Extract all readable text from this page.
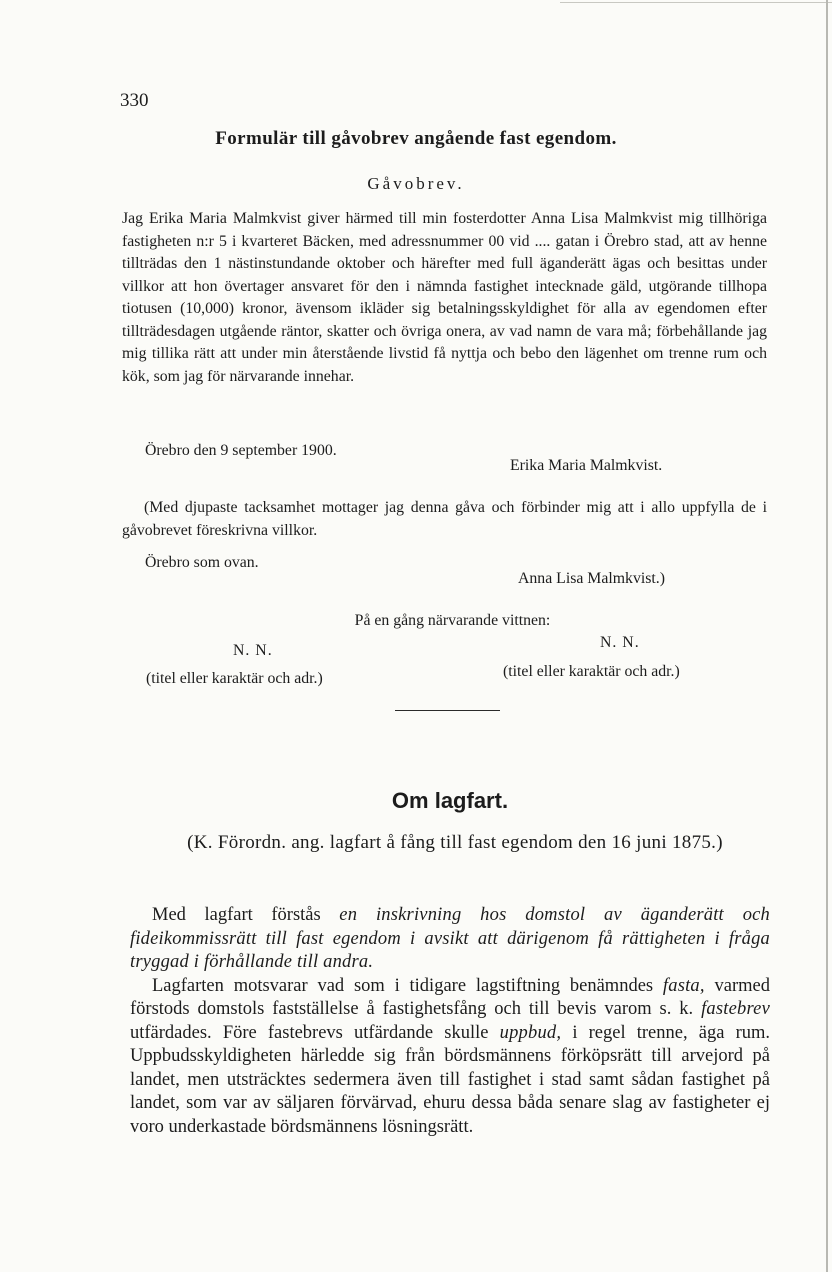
330
Formulär till gåvobrev angående fast egendom.
Gåvobrev.
Jag Erika Maria Malmkvist giver härmed till min fosterdotter Anna Lisa Malmkvist mig tillhöriga fastigheten n:r 5 i kvarteret Bäcken, med adressnummer 00 vid .... gatan i Örebro stad, att av henne tillträdas den 1 nästinstundande oktober och härefter med full äganderätt ägas och besittas under villkor att hon övertager ansvaret för den i nämnda fastighet intecknade gäld, utgörande tillhopa tiotusen (10,000) kronor, ävensom ikläder sig betalningsskyldighet för alla av egendomen efter tillträdesdagen utgående räntor, skatter och övriga onera, av vad namn de vara må; förbehållande jag mig tillika rätt att under min återstående livstid få nyttja och bebo den lägenhet om trenne rum och kök, som jag för närvarande innehar.
Örebro den 9 september 1900.
Erika Maria Malmkvist.
(Med djupaste tacksamhet mottager jag denna gåva och förbinder mig att i allo uppfylla de i gåvobrevet föreskrivna villkor.
Örebro som ovan.
Anna Lisa Malmkvist.)
På en gång närvarande vittnen:
N. N.	N. N.
(titel eller karaktär och adr.)	(titel eller karaktär och adr.)
Om lagfart.
(K. Förordn. ang. lagfart å fång till fast egendom den 16 juni 1875.)

Med lagfart förstås en inskrivning hos domstol av äganderätt och fideikommissrätt till fast egendom i avsikt att därigenom få rättigheten i fråga tryggad i förhållande till andra.

Lagfarten motsvarar vad som i tidigare lagstiftning benämndes fasta, varmed förstods domstols fastställelse å fastighetsfång och till bevis varom s. k. fastebrev utfärdades. Före fastebrevs utfärdande skulle uppbud, i regel trenne, äga rum. Uppbudsskyldigheten härledde sig från bördsmännens förköpsrätt till arvejord på landet, men utsträcktes sedermera även till fastighet i stad samt sådan fastighet på landet, som var av säljaren förvärvad, ehuru dessa båda senare slag av fastigheter ej voro underkastade bördsmännens lösningsrätt.
